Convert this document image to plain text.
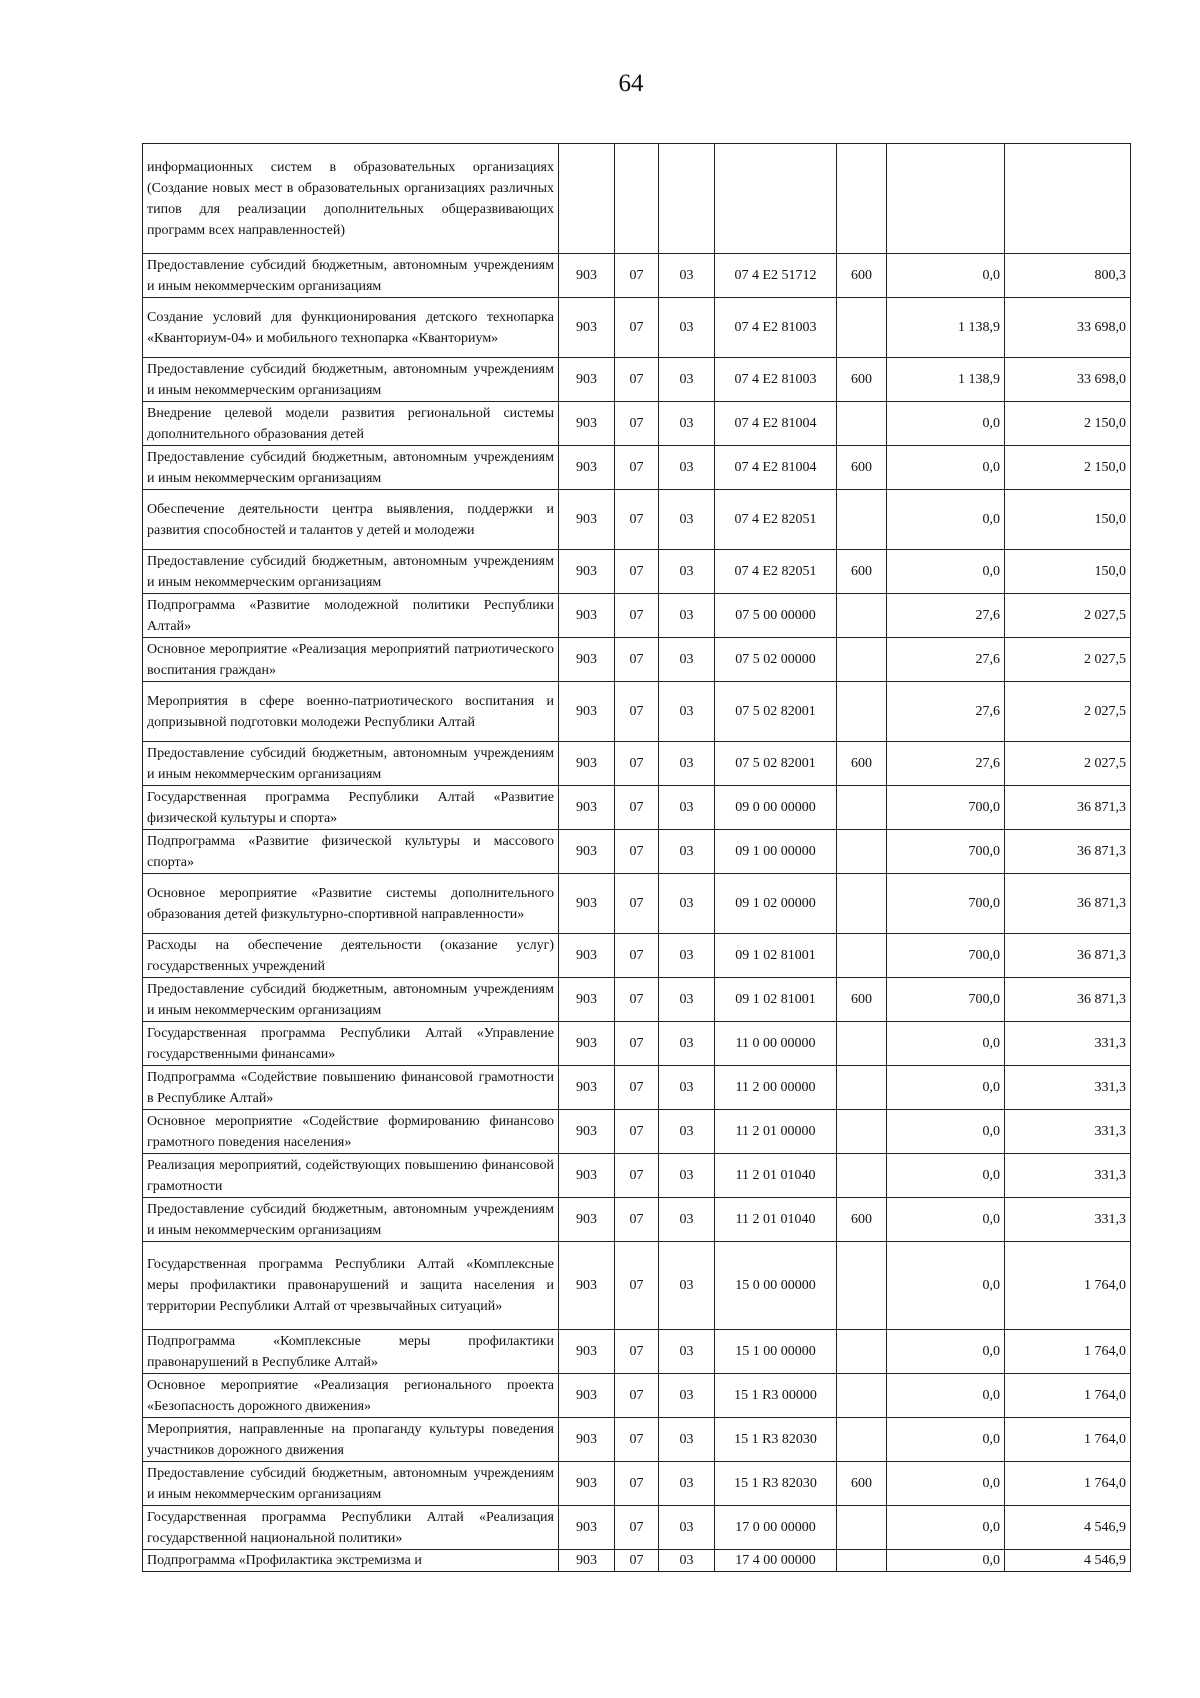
64
информационных систем в образовательных организациях (Создание новых мест в образовательных организациях различных типов для реализации дополнительных общеразвивающих программ всех направленностей)							
Предоставление субсидий бюджетным, автономным учреждениям и иным некоммерческим организациям	903	07	03	07 4 E2 51712	600	0,0	800,3
Создание условий для функционирования детского технопарка «Кванториум-04» и мобильного технопарка «Кванториум»	903	07	03	07 4 E2 81003		1 138,9	33 698,0
Предоставление субсидий бюджетным, автономным учреждениям и иным некоммерческим организациям	903	07	03	07 4 E2 81003	600	1 138,9	33 698,0
Внедрение целевой модели развития региональной системы дополнительного образования детей	903	07	03	07 4 E2 81004		0,0	2 150,0
Предоставление субсидий бюджетным, автономным учреждениям и иным некоммерческим организациям	903	07	03	07 4 E2 81004	600	0,0	2 150,0
Обеспечение деятельности центра выявления, поддержки и развития способностей и талантов у детей и молодежи	903	07	03	07 4 E2 82051		0,0	150,0
Предоставление субсидий бюджетным, автономным учреждениям и иным некоммерческим организациям	903	07	03	07 4 E2 82051	600	0,0	150,0
Подпрограмма «Развитие молодежной политики Республики Алтай»	903	07	03	07 5 00 00000		27,6	2 027,5
Основное мероприятие «Реализация мероприятий патриотического воспитания граждан»	903	07	03	07 5 02 00000		27,6	2 027,5
Мероприятия в сфере военно-патриотического воспитания и допризывной подготовки молодежи Республики Алтай	903	07	03	07 5 02 82001		27,6	2 027,5
Предоставление субсидий бюджетным, автономным учреждениям и иным некоммерческим организациям	903	07	03	07 5 02 82001	600	27,6	2 027,5
Государственная программа Республики Алтай «Развитие физической культуры и спорта»	903	07	03	09 0 00 00000		700,0	36 871,3
Подпрограмма «Развитие физической культуры и массового спорта»	903	07	03	09 1 00 00000		700,0	36 871,3
Основное мероприятие «Развитие системы дополнительного образования детей физкультурно-спортивной направленности»	903	07	03	09 1 02 00000		700,0	36 871,3
Расходы на обеспечение деятельности (оказание услуг) государственных учреждений	903	07	03	09 1 02 81001		700,0	36 871,3
Предоставление субсидий бюджетным, автономным учреждениям и иным некоммерческим организациям	903	07	03	09 1 02 81001	600	700,0	36 871,3
Государственная программа Республики Алтай «Управление государственными финансами»	903	07	03	11 0 00 00000		0,0	331,3
Подпрограмма «Содействие повышению финансовой грамотности в Республике Алтай»	903	07	03	11 2 00 00000		0,0	331,3
Основное мероприятие «Содействие формированию финансово грамотного поведения населения»	903	07	03	11 2 01 00000		0,0	331,3
Реализация мероприятий, содействующих повышению финансовой грамотности	903	07	03	11 2 01 01040		0,0	331,3
Предоставление субсидий бюджетным, автономным учреждениям и иным некоммерческим организациям	903	07	03	11 2 01 01040	600	0,0	331,3
Государственная программа Республики Алтай «Комплексные меры профилактики правонарушений и защита населения и территории Республики Алтай от чрезвычайных ситуаций»	903	07	03	15 0 00 00000		0,0	1 764,0
Подпрограмма «Комплексные меры профилактики правонарушений в Республике Алтай»	903	07	03	15 1 00 00000		0,0	1 764,0
Основное мероприятие «Реализация регионального проекта «Безопасность дорожного движения»	903	07	03	15 1 R3 00000		0,0	1 764,0
Мероприятия, направленные на пропаганду культуры поведения участников дорожного движения	903	07	03	15 1 R3 82030		0,0	1 764,0
Предоставление субсидий бюджетным, автономным учреждениям и иным некоммерческим организациям	903	07	03	15 1 R3 82030	600	0,0	1 764,0
Государственная программа Республики Алтай «Реализация государственной национальной политики»	903	07	03	17 0 00 00000		0,0	4 546,9
Подпрограмма «Профилактика экстремизма и	903	07	03	17 4 00 00000		0,0	4 546,9
